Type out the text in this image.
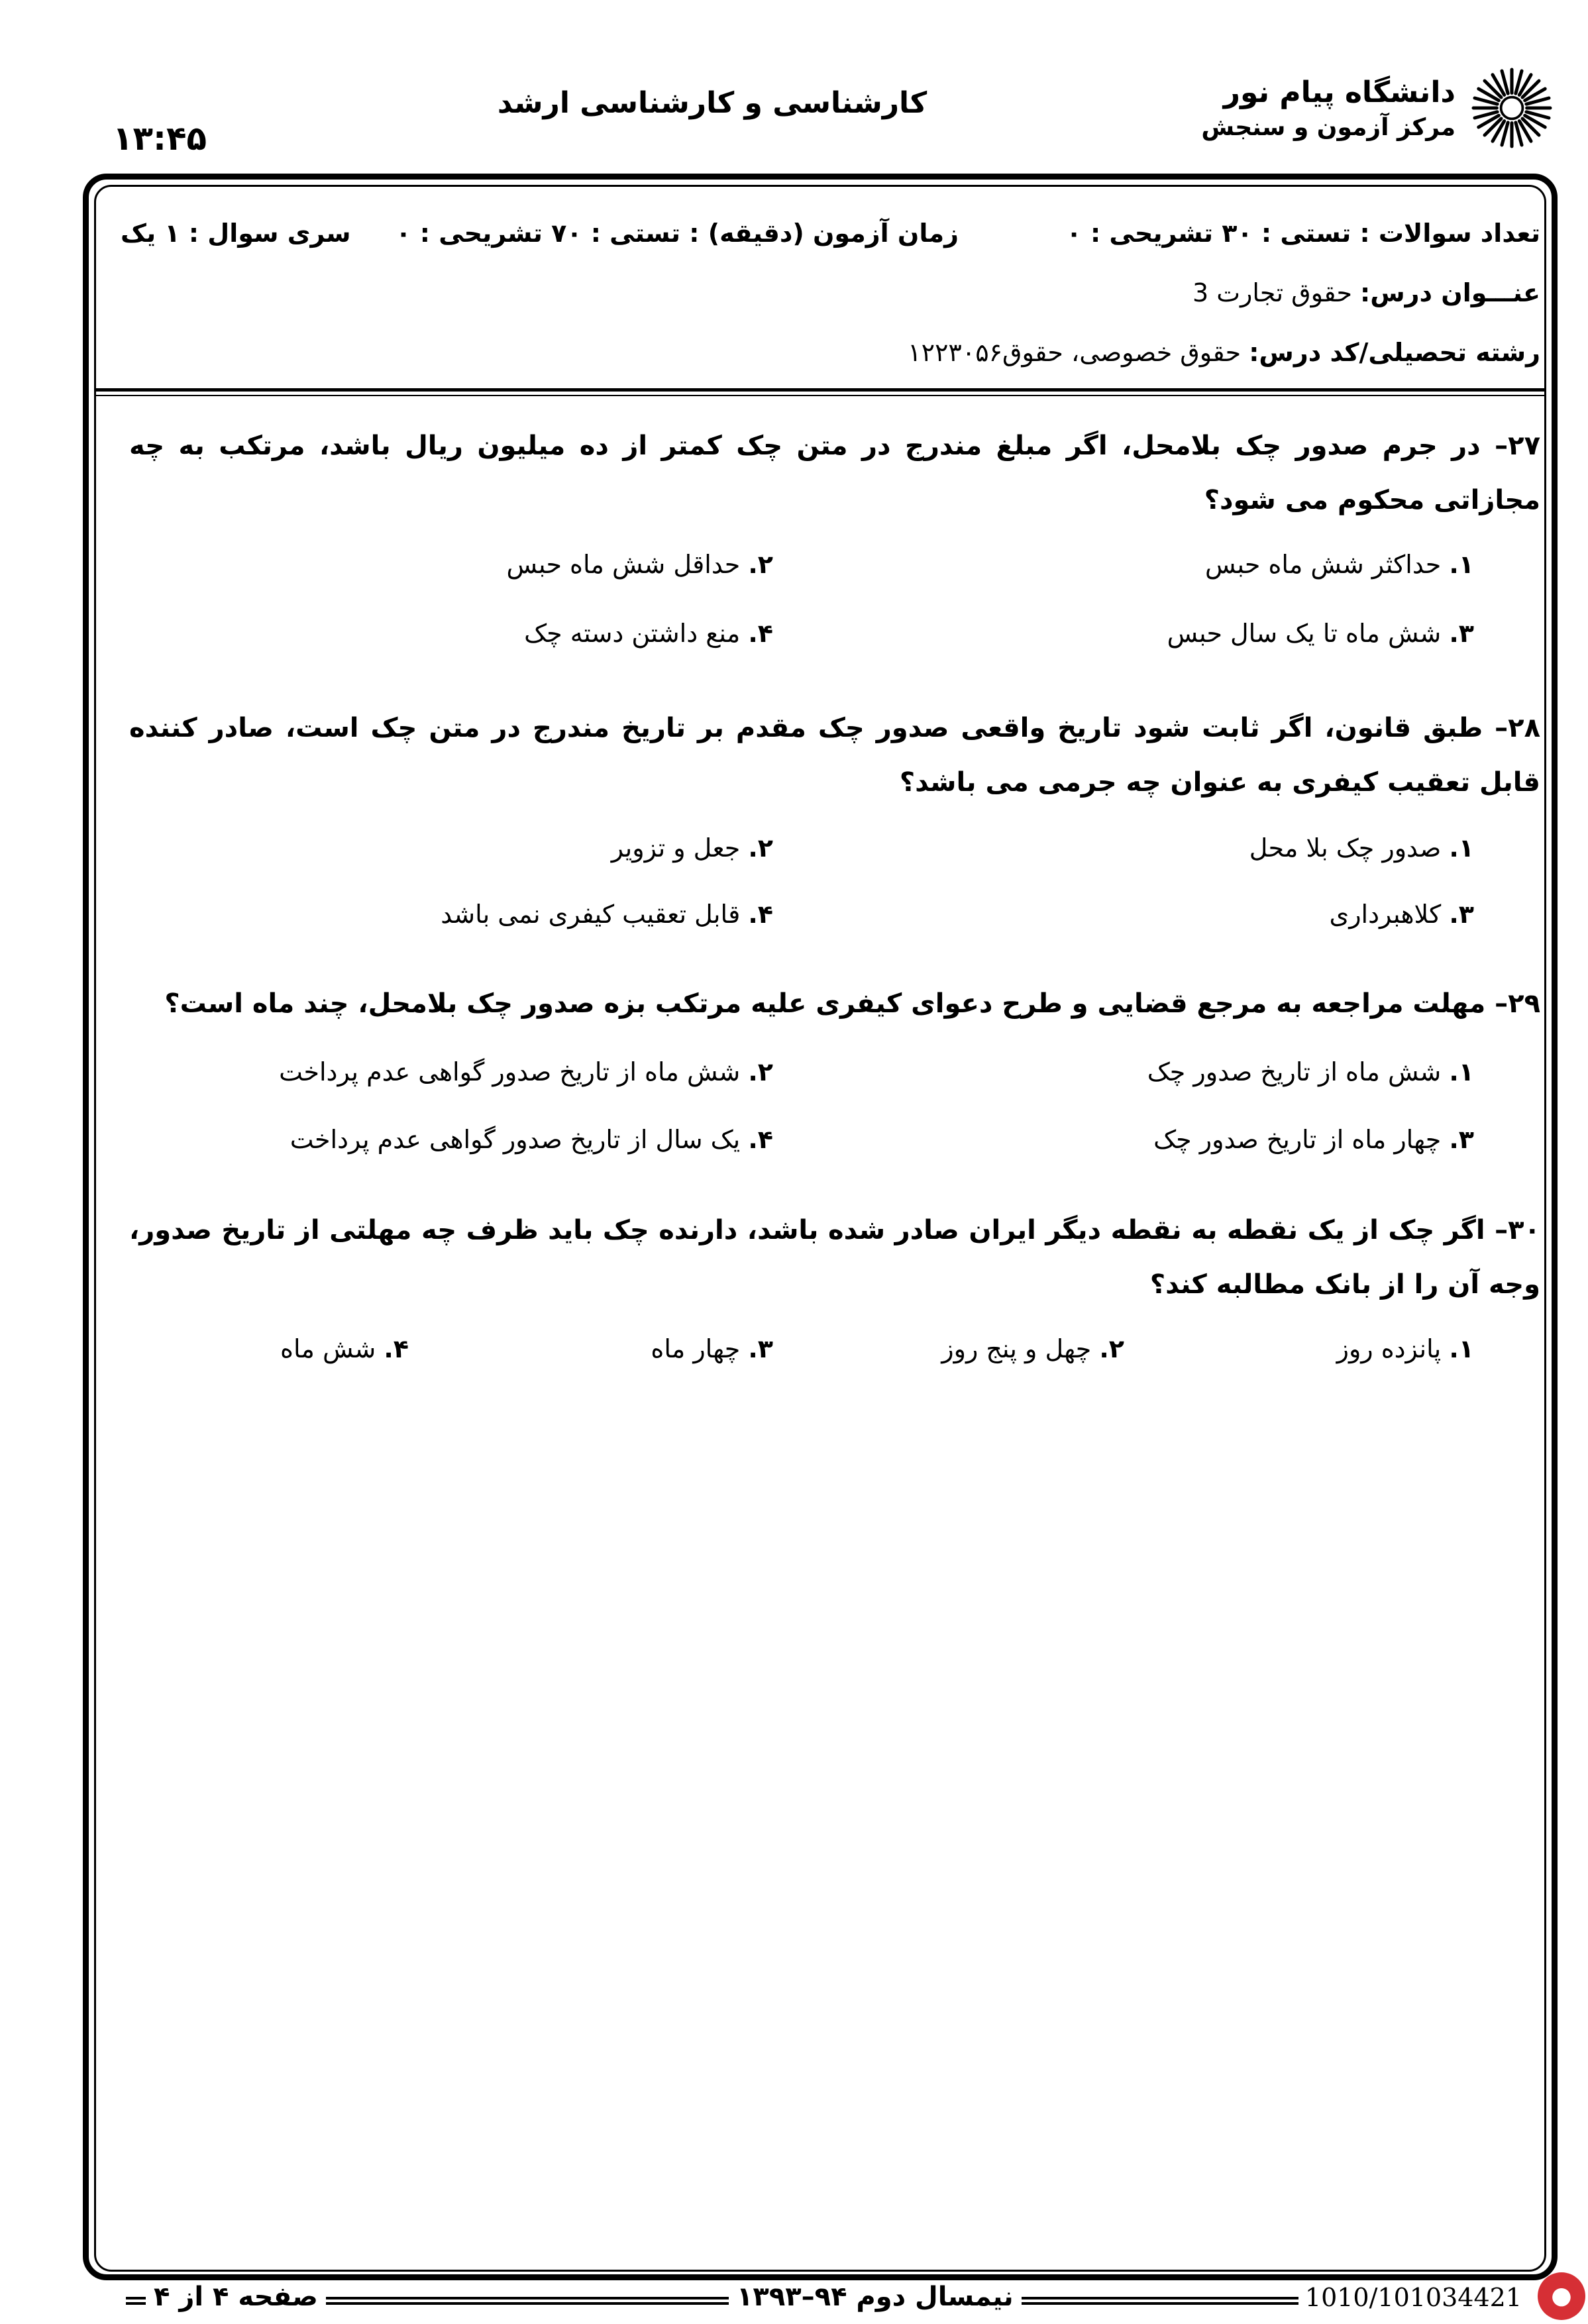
دانشگاه پیام نور
مرکز آزمون و سنجش
کارشناسی و کارشناسی ارشد
۱۳:۴۵
تعداد سوالات : تستی : ۳۰ تشریحی : ۰
زمان آزمون (دقیقه) : تستی : ۷۰ تشریحی : ۰
سری سوال : ۱ یک
عنـــوان درس: حقوق تجارت 3
رشته تحصیلی/کد درس: حقوق خصوصی، حقوق۱۲۲۳۰۵۶
۲۷– در جرم صدور چک بلامحل، اگر مبلغ مندرج در متن چک کمتر از ده میلیون ریال باشد، مرتکب به چه مجازاتی محکوم می شود؟
۱. حداکثر شش ماه حبس
۲. حداقل شش ماه حبس
۳. شش ماه تا یک سال حبس
۴. منع داشتن دسته چک
۲۸– طبق قانون، اگر ثابت شود تاریخ واقعی صدور چک مقدم بر تاریخ مندرج در متن چک است، صادر کننده قابل تعقیب کیفری به عنوان چه جرمی می باشد؟
۱. صدور چک بلا محل
۲. جعل و تزویر
۳. کلاهبرداری
۴. قابل تعقیب کیفری نمی باشد
۲۹– مهلت مراجعه به مرجع قضایی و طرح دعوای کیفری علیه مرتکب بزه صدور چک بلامحل، چند ماه است؟
۱. شش ماه از تاریخ صدور چک
۲. شش ماه از تاریخ صدور گواهی عدم پرداخت
۳. چهار ماه از تاریخ صدور چک
۴. یک سال از تاریخ صدور گواهی عدم پرداخت
۳۰– اگر چک از یک نقطه به نقطه دیگر ایران صادر شده باشد، دارنده چک باید ظرف چه مهلتی از تاریخ صدور، وجه آن را از بانک مطالبه کند؟
۱. پانزده روز
۲. چهل و پنج روز
۳. چهار ماه
۴. شش ماه
صفحه ۴ از ۴	نیمسال دوم ۹۴–۱۳۹۳	1010/101034421	●
